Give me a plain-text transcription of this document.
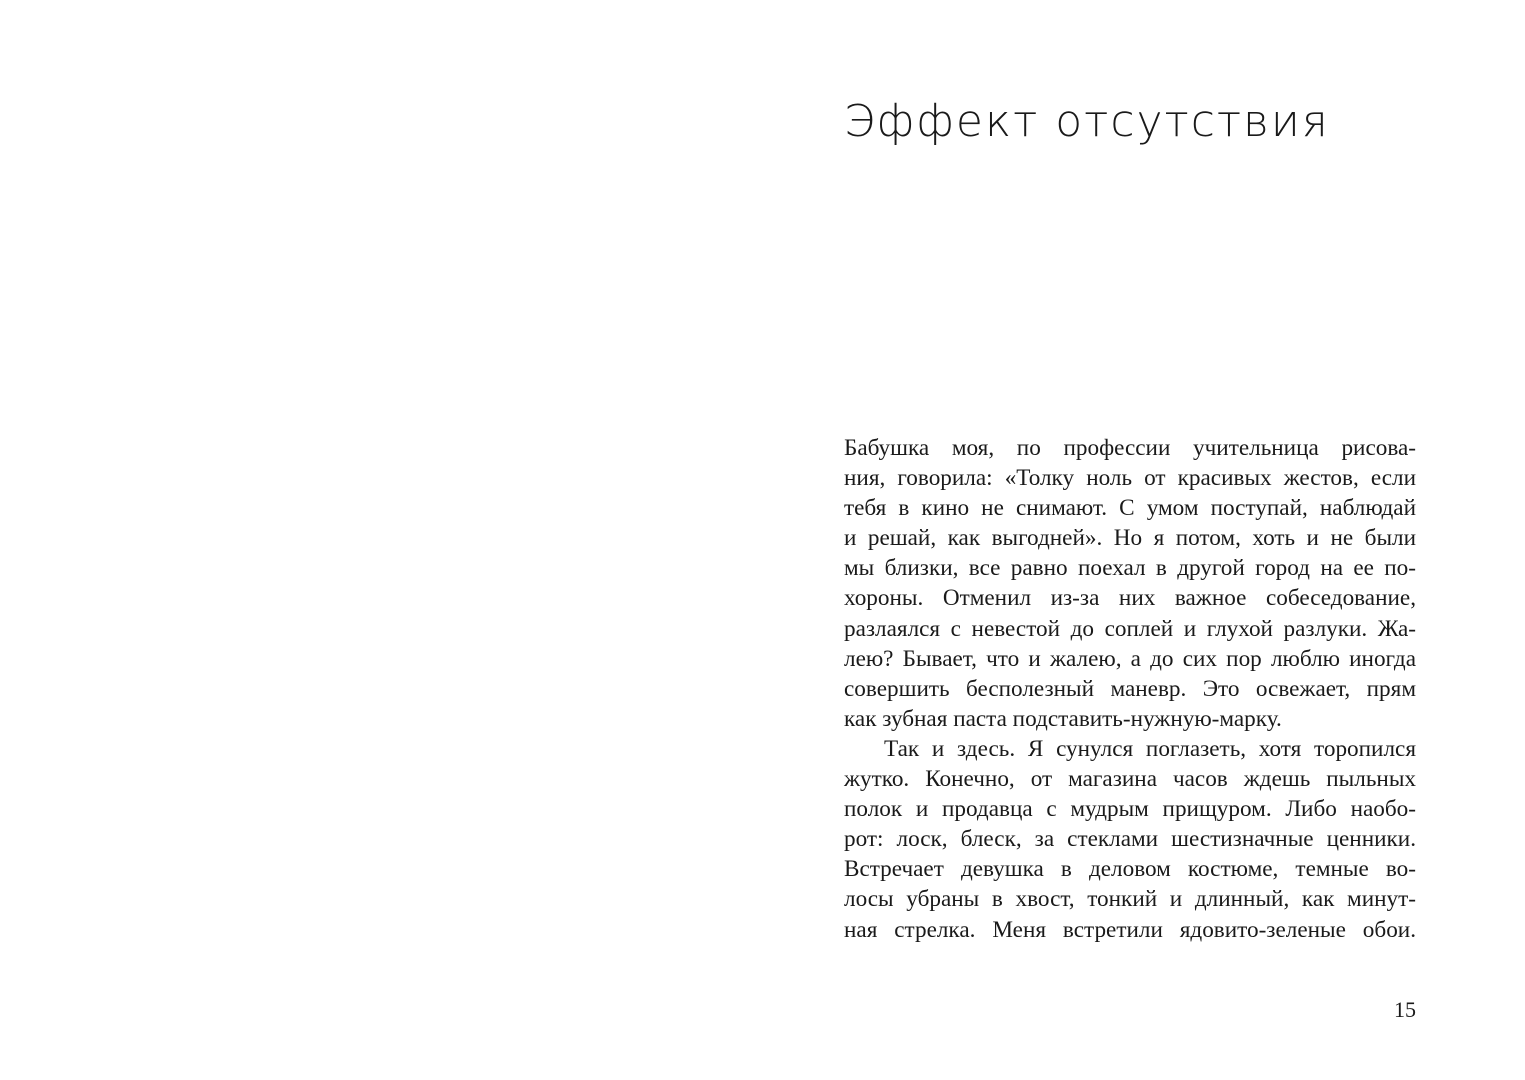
Эффект отсутствия
Бабушка моя, по профессии учительница рисова-
ния, говорила: «Толку ноль от красивых жестов, если
тебя в кино не снимают. С умом поступай, наблюдай
и решай, как выгодней». Но я потом, хоть и не были
мы близки, все равно поехал в другой город на ее по-
хороны. Отменил из-за них важное собеседование,
разлаялся с невестой до соплей и глухой разлуки. Жа-
лею? Бывает, что и жалею, а до сих пор люблю иногда
совершить бесполезный маневр. Это освежает, прям
как зубная паста подставить-нужную-марку.
Так и здесь. Я сунулся поглазеть, хотя торопился
жутко. Конечно, от магазина часов ждешь пыльных
полок и продавца с мудрым прищуром. Либо наобо-
рот: лоск, блеск, за стеклами шестизначные ценники.
Встречает девушка в деловом костюме, темные во-
лосы убраны в хвост, тонкий и длинный, как минут-
ная стрелка. Меня встретили ядовито-зеленые обои.
15
